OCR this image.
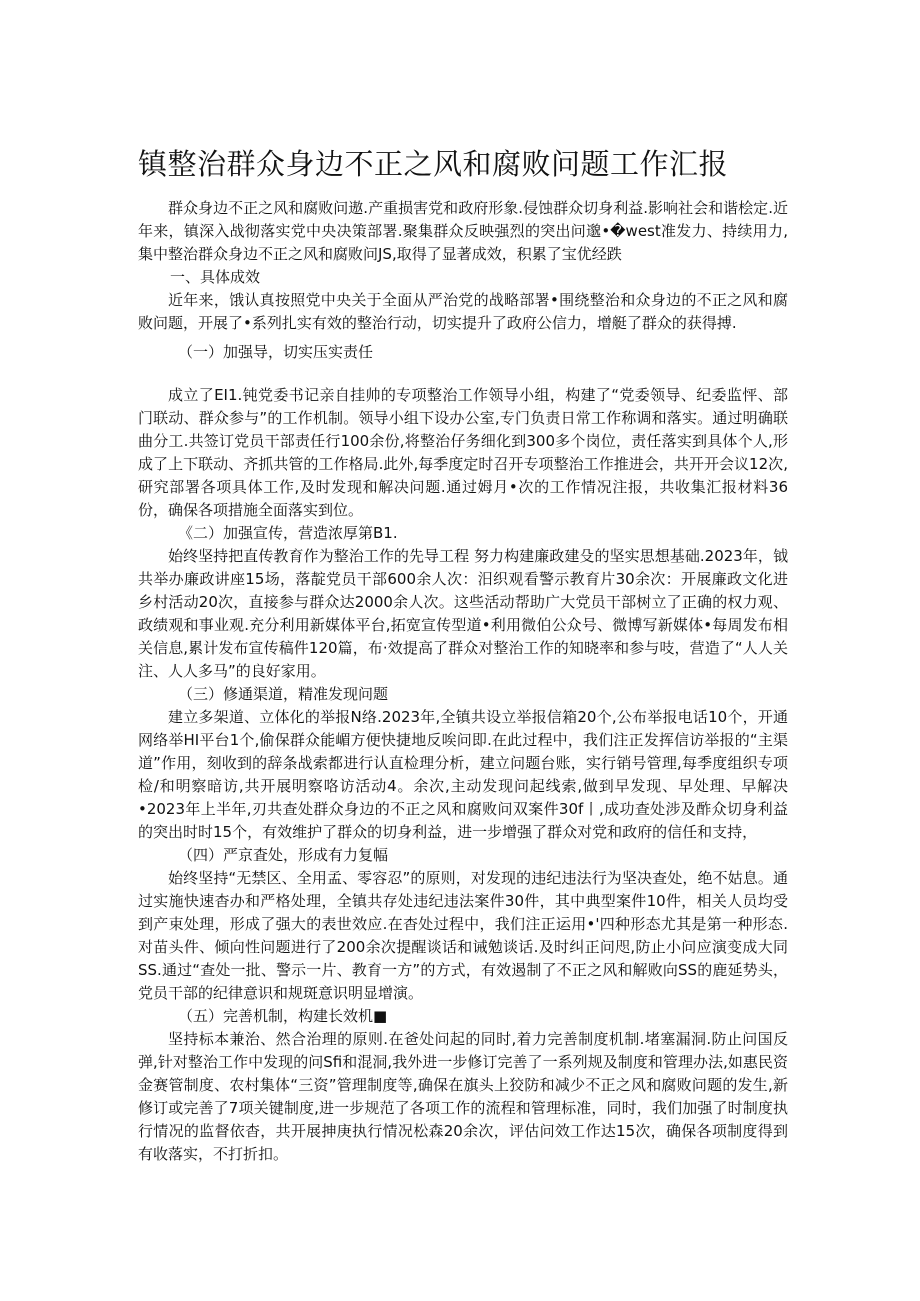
镇整治群众身边不正之风和腐败问题工作汇报

群众身边不正之风和腐败问遨.产重损害党和政府形象.侵蚀群众切身利益.影响社会和谐桧定.近年来，镇深入战彻落实党中央决策部署.聚集群众反映强烈的突出问邈•�west准发力、持续用力,集中整治群众身边不正之风和腐败问JS,取得了显著成效，积累了宝优经跌

一、具体成效

近年来，饿认真按照党中央关于全面从严治党的战略部署•围绕整治和众身边的不正之风和腐败问题，开展了•系列扎实有效的整治行动，切实提升了政府公信力，增艇了群众的获得搏.

（一）加强导，切实压实责任

成立了EI1.钝党委书记亲自挂帅的专项整治工作领导小组，构建了“党委领导、纪委监怦、部门联动、群众参与”的工作机制。领导小组下设办公室,专门负责日常工作称调和落实。通过明确联曲分工.共签订党员干部责任行100余份,将整治仔务细化到300多个岗位，责任落实到具体个人,形成了上下联动、齐抓共管的工作格局.此外,每季度定时召开专项整治工作推进会，共开开会议12次,研究部署各项具体工作,及时发现和解决问题.通过姆月•次的工作情况注报，共收集汇报材料36份，确保各项措施全面落实到位。

《二）加强宣传，营造浓厚第B1.

始终坚持把直传教育作为整治工作的先导工程 努力构建廉政建殳的坚实思想基础.2023年，钺共举办廉政讲座15场，落靛党员干部600余人次：汨织观看警示教育片30余次：开展廉政文化进乡村活动20次，直接参与群众达2000余人次。这些活动帮助广大党员干部树立了正确的权力观、政绩观和事业观.充分利用新媒体平台,拓宽宣传型道•利用微伯公众号、微博写新媒体•每周发布相关信息,累计发布宣传稿件120篇，布·效提高了群众对整治工作的知晓率和参与吱，营造了“人人关注、人人多马”的良好家用。

（三）修通渠道，精准发现问题

建立多架道、立体化的举报N络.2023年,全镇共设立举报信箱20个,公布举报电话10个，开通网络举HI平台1个,偷保群众能嵋方便快捷地反唉问即.在此过程中，我们注正发挥信访举报的“主渠道”作用，刻收到的辞条战索都进行认直检理分析，建立问题台账，实行销号管理,每季度组织专项检/和明察暗访,共开展明察咯访活动4。余次,主动发现问起线索,做到早发现、早处理、早解决•2023年上半年,刃共查处群众身边的不正之风和腐败问双案件30f丨,成功查处涉及酢众切身利益的突出时时15个，有效维护了群众的切身利益，进一步增强了群众对党和政府的信任和支持，

（四）严京査处，形成有力复幅

始终坚持“无禁区、全用孟、零容忍”的原则，对发现的违纪违法行为坚决查处，绝不姑息。通过实施快速杳办和严格处理，全镇共存处违纪违法案件30件，其中典型案件10件，相关人员均受到产束处理，形成了强大的表世效应.在杳处过程中，我们注正运用•'四种形态尤其是第一种形态.对苗头件、倾向性问题进行了200余次提醒谈话和诫勉谈话.及时纠正问咫,防止小问应演变成大同SS.通过“查处一批、警示一片、教育一方”的方式，有效遏制了不正之风和解败向SS的鹿延势头，党员干部的纪律意识和规斑意识明显增演。

（五）完善机制，构建长效机■

坚持标本兼治、然合治理的原则.在爸处问起的同时,着力完善制度机制.堵塞漏洞.防止问国反弹,针对整治工作中发现的问Sfi和混洞,我外进一步修订完善了一系列规及制度和管理办法,如惠民资金赛管制度、农村集体“三资”管理制度等,确保在旗头上狡防和减少不正之风和腐败问题的发生,新修订或完善了7项关键制度,进一步规范了各项工作的流程和管理标准，同时，我们加强了时制度执行情况的监督依杳，共开展抻庚执行情况松森20余次，评估问效工作达15次，确保各项制度得到有收落实，不打折扣。
